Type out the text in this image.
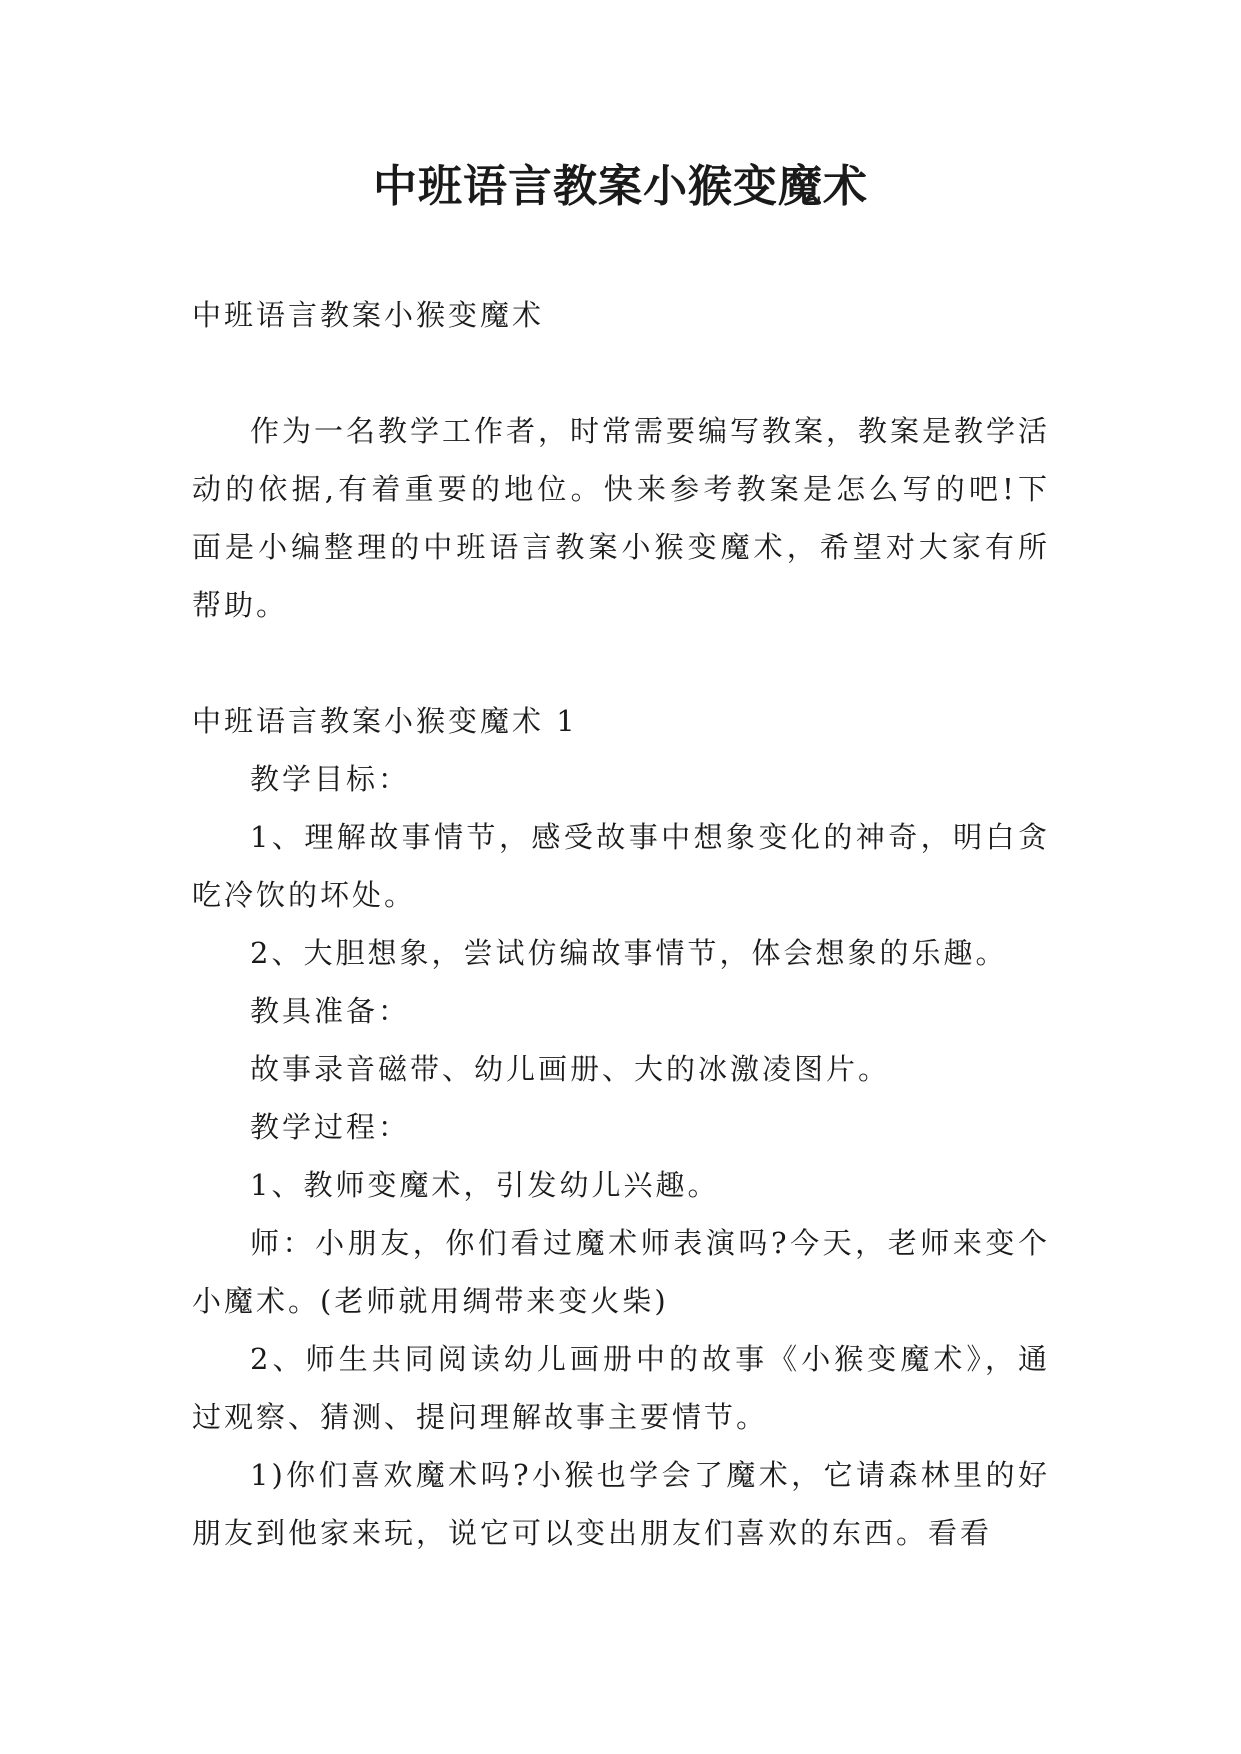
中班语言教案小猴变魔术

中班语言教案小猴变魔术

作为一名教学工作者，时常需要编写教案，教案是教学活动的依据,有着重要的地位。快来参考教案是怎么写的吧!下面是小编整理的中班语言教案小猴变魔术，希望对大家有所帮助。

中班语言教案小猴变魔术 1

教学目标：

1、理解故事情节，感受故事中想象变化的神奇，明白贪吃冷饮的坏处。

2、大胆想象，尝试仿编故事情节，体会想象的乐趣。

教具准备：

故事录音磁带、幼儿画册、大的冰激凌图片。

教学过程：

1、教师变魔术，引发幼儿兴趣。

师：小朋友，你们看过魔术师表演吗?今天，老师来变个小魔术。(老师就用绸带来变火柴)

2、师生共同阅读幼儿画册中的故事《小猴变魔术》，通过观察、猜测、提问理解故事主要情节。

1)你们喜欢魔术吗?小猴也学会了魔术，它请森林里的好朋友到他家来玩，说它可以变出朋友们喜欢的东西。看看
